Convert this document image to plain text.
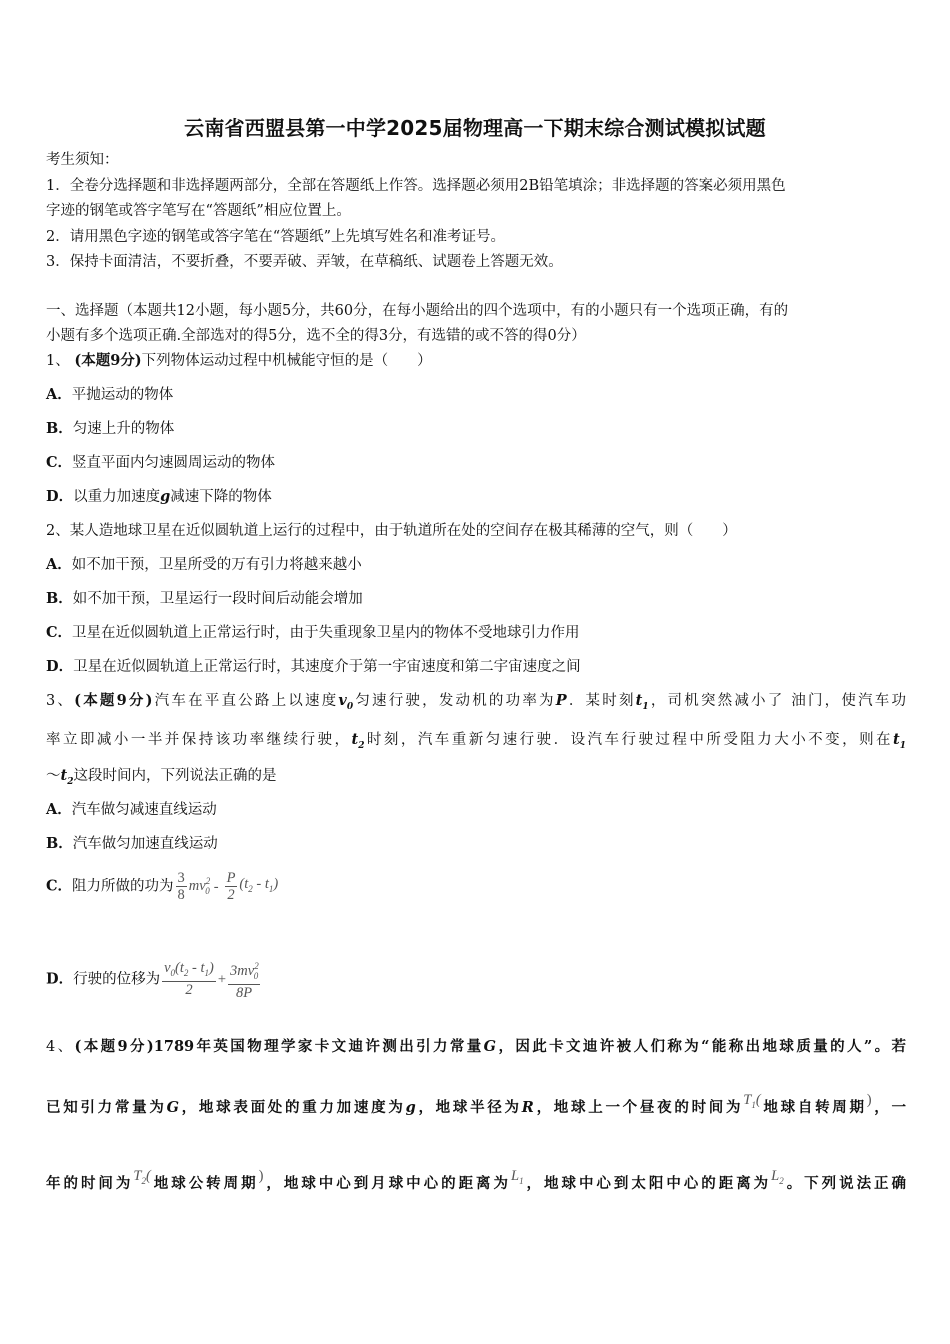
云南省西盟县第一中学2025届物理高一下期末综合测试模拟试题
考生须知：
1．全卷分选择题和非选择题两部分，全部在答题纸上作答。选择题必须用2B铅笔填涂；非选择题的答案必须用黑色
字迹的钢笔或答字笔写在“答题纸”相应位置上。
2．请用黑色字迹的钢笔或答字笔在“答题纸”上先填写姓名和准考证号。
3．保持卡面清洁，不要折叠，不要弄破、弄皱，在草稿纸、试题卷上答题无效。
一、选择题（本题共12小题，每小题5分，共60分，在每小题给出的四个选项中，有的小题只有一个选项正确，有的
小题有多个选项正确.全部选对的得5分，选不全的得3分，有选错的或不答的得0分）
1、 (本题9分)下列物体运动过程中机械能守恒的是（　　）
A．平抛运动的物体
B．匀速上升的物体
C．竖直平面内匀速圆周运动的物体
D．以重力加速度g减速下降的物体
2、某人造地球卫星在近似圆轨道上运行的过程中，由于轨道所在处的空间存在极其稀薄的空气，则（　　）
A．如不加干预，卫星所受的万有引力将越来越小
B．如不加干预，卫星运行一段时间后动能会增加
C．卫星在近似圆轨道上正常运行时，由于失重现象卫星内的物体不受地球引力作用
D．卫星在近似圆轨道上正常运行时，其速度介于第一宇宙速度和第二宇宙速度之间
3、(本题9分)汽车在平直公路上以速度$v_0$匀速行驶，发动机的功率为P．某时刻$t_1$，司机突然减小了 油门，使汽车功
率立即减小一半并保持该功率继续行驶，$t_2$时刻，汽车重新匀速行驶．设汽车行驶过程中所受阻力大小不变，则在$t_1$
$\sim t_2$这段时间内，下列说法正确的是
A．汽车做匀减速直线运动
B．汽车做匀加速直线运动
C．阻力所做的功为 $\frac{3}{8} mv^2_0 - \frac{P}{2} (t_2 - t_1)$
D．行驶的位移为 $\frac{v_0(t_2 - t_1)}{2} + \frac{3mv^2_0}{8P}$
4、(本题9分)1789年英国物理学家卡文迪许测出引力常量G，因此卡文迪许被人们称为“能称出地球质量的人”。若
已知引力常量为G，地球表面处的重力加速度为g，地球半径为R，地球上一个昼夜的时间为$T_1$(地球自转周期)，一
年的时间为$T_2$(地球公转周期)，地球中心到月球中心的距离为$L_1$，地球中心到太阳中心的距离为$L_2$。下列说法正确
